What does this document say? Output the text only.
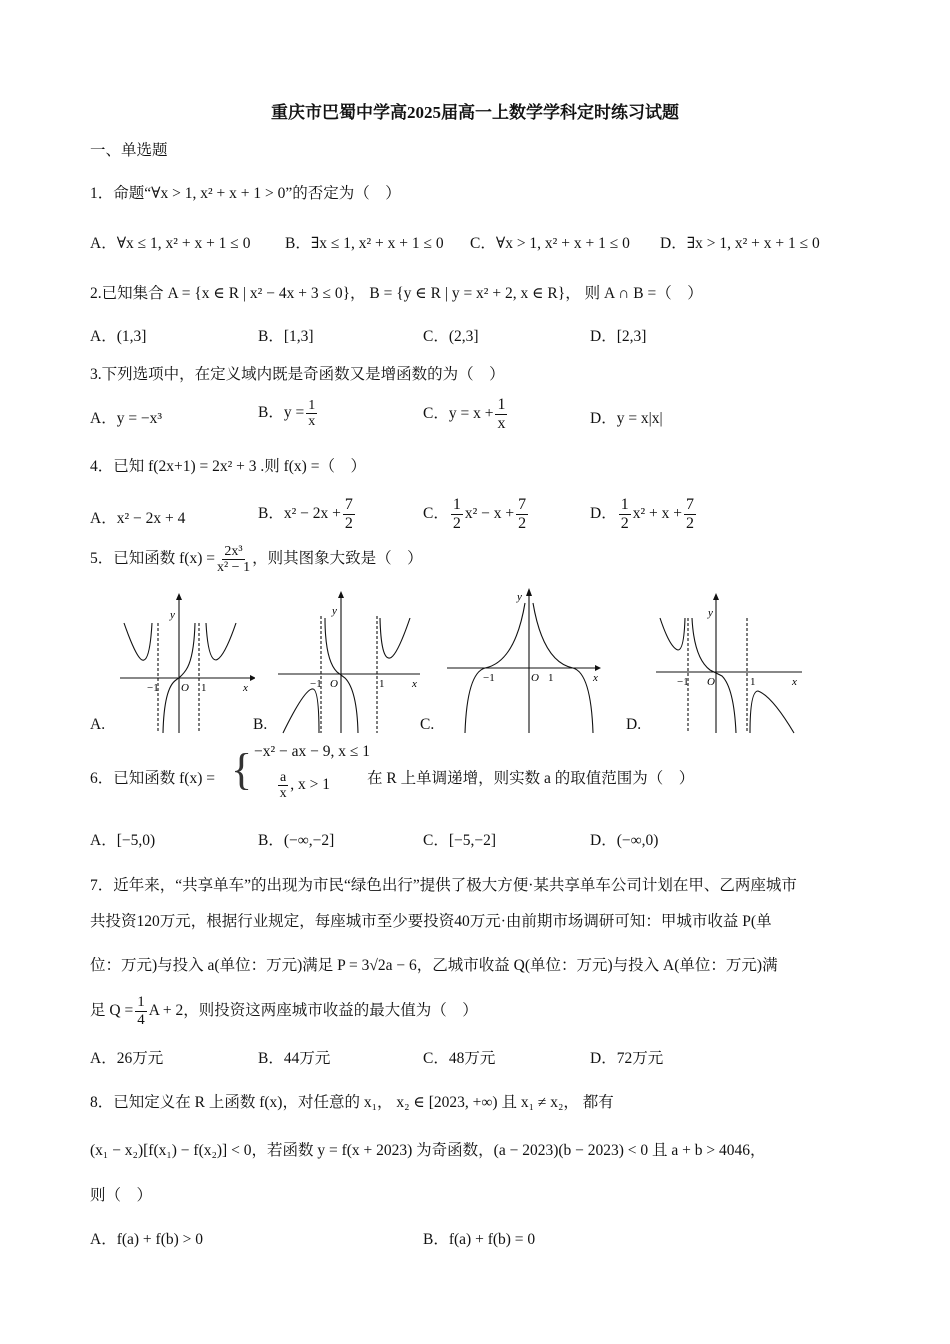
重庆市巴蜀中学高2025届高一上数学学科定时练习试题
一、单选题
1．命题“∀x > 1, x² + x + 1 > 0”的否定为（　）
A．∀x ≤ 1, x² + x + 1 ≤ 0 B．∃x ≤ 1, x² + x + 1 ≤ 0 C．∀x > 1, x² + x + 1 ≤ 0 D．∃x > 1, x² + x + 1 ≤ 0
2.已知集合 A = {x ∈ R | x² − 4x + 3 ≤ 0}， B = {y ∈ R | y = x² + 2, x ∈ R}， 则 A ∩ B =（　）
A．(1,3]	B．[1,3]	C．(2,3]	D．[2,3]
3.下列选项中，在定义域内既是奇函数又是增函数的为（　）
A．y = −x³	B．$y = \frac{1}{x}$	C．$y = x + \frac{1}{x}$	D．y = x|x|
4．已知 f(2x+1) = 2x² + 3 .则 f(x) =（　）
A．x² − 2x + 4	B．$x^2 - 2x + \frac{7}{2}$	C． $\frac{1}{2} x^2 - x + \frac{7}{2}$	D． $\frac{1}{2} x^2 + x + \frac{7}{2}$
5．已知函数 $f(x) = \frac{\text{2x³}}{\text{x² − 1}}$ ，则其图象大致是（　）
A.	B.	C.	D.
y
x
−1 O 1
y
x
−1 O	1
y
x
−1	O 1
y
x
−1 O	1
6．已知函数 f(x) = { −x² − ax − 9, x ≤ 1
$\frac{a}{x}$ , x > 1 在 R 上单调递增，则实数 a 的取值范围为（　）
A．[−5,0)	B．(−∞,−2]	C．[−5,−2]	D．(−∞,0)
7．近年来，“共享单车”的出现为市民“绿色出行”提供了极大方便·某共享单车公司计划在甲、乙两座城市
共投资120万元，根据行业规定，每座城市至少要投资40万元·由前期市场调研可知：甲城市收益 P(单
位：万元)与投入 a(单位：万元)满足 P = 3√2a − 6，乙城市收益 Q(单位：万元)与投入 A(单位：万元)满
足 $Q = \frac{1}{4}$ A + 2，则投资这两座城市收益的最大值为（　）
A．26万元	B．44万元	C．48万元	D．72万元
8．已知定义在 R 上函数 f(x)，对任意的 x₁， x₂ ∈ [2023, +∞) 且 x₁ ≠ x₂， 都有
(x₁ − x₂)[f(x₁) − f(x₂)] < 0，若函数 y = f(x + 2023) 为奇函数，(a − 2023)(b − 2023) < 0 且 a + b > 4046，
则（　）
A．f(a) + f(b) > 0	B．f(a) + f(b) = 0
